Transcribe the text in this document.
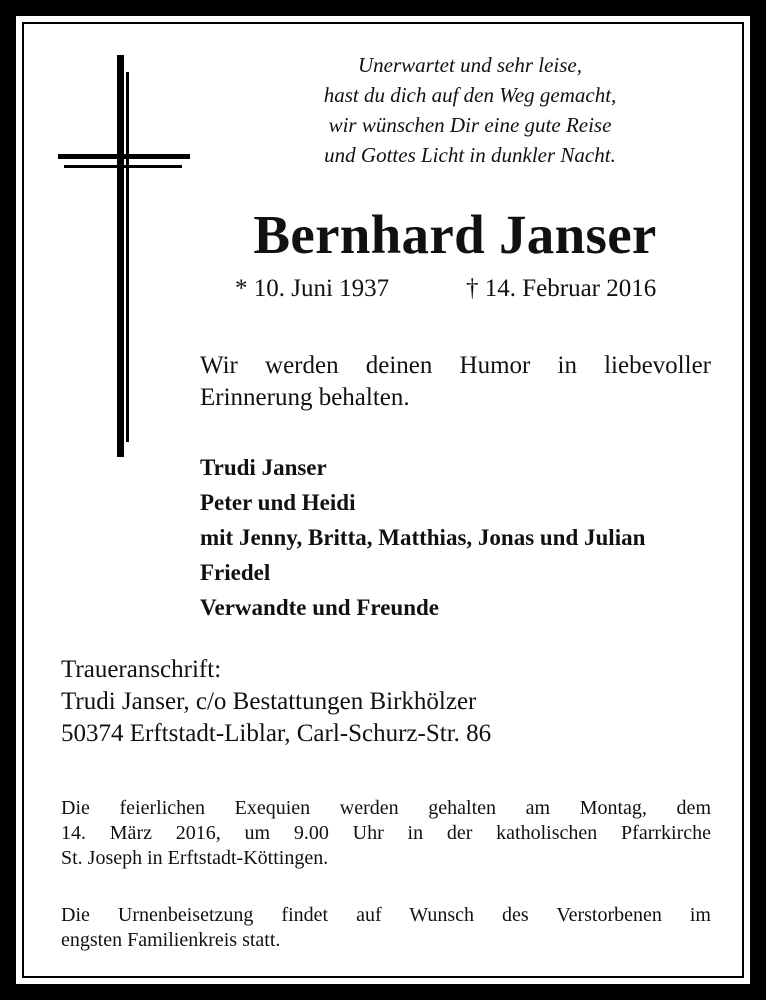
Unerwartet und sehr leise,
hast du dich auf den Weg gemacht,
wir wünschen Dir eine gute Reise
und Gottes Licht in dunkler Nacht.
Bernhard Janser
* 10. Juni 1937	† 14. Februar 2016
Wir werden deinen Humor in liebevoller
Erinnerung behalten.
Trudi Janser
Peter und Heidi
mit Jenny, Britta, Matthias, Jonas und Julian
Friedel
Verwandte und Freunde
Traueranschrift:
Trudi Janser, c/o Bestattungen Birkhölzer
50374 Erftstadt-Liblar, Carl-Schurz-Str. 86
Die feierlichen Exequien werden gehalten am Montag, dem
14. März 2016, um 9.00 Uhr in der katholischen Pfarrkirche
St. Joseph in Erftstadt-Köttingen.
Die Urnenbeisetzung findet auf Wunsch des Verstorbenen im
engsten Familienkreis statt.
